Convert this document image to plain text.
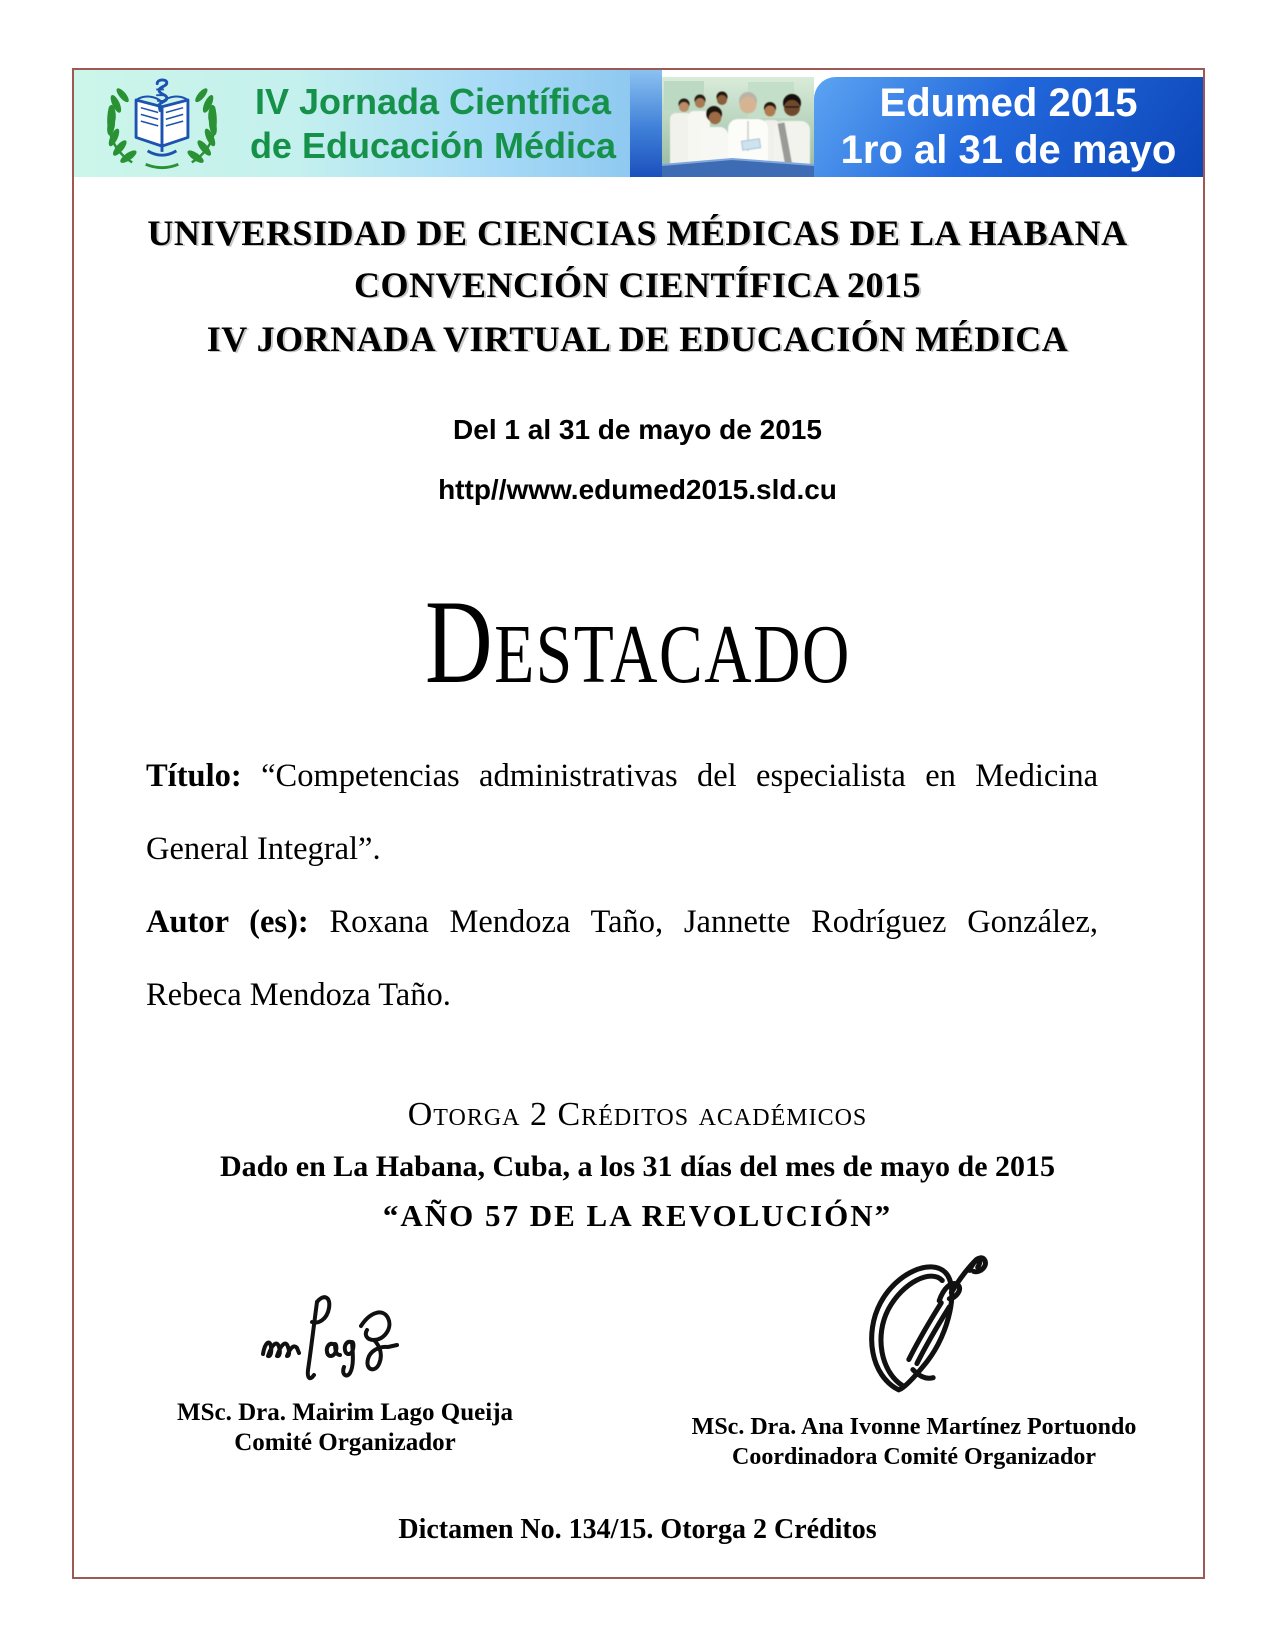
IV Jornada Científica
de Educación Médica
Edumed 2015
1ro al 31 de mayo
UNIVERSIDAD DE CIENCIAS MÉDICAS DE LA HABANA
CONVENCIÓN CIENTÍFICA 2015
IV JORNADA VIRTUAL DE EDUCACIÓN MÉDICA
Del 1 al 31 de mayo de 2015
http//www.edumed2015.sld.cu
Destacado

Título: “Competencias administrativas del especialista en Medicina General Integral”.

Autor (es): Roxana Mendoza Taño, Jannette Rodríguez González, Rebeca Mendoza Taño.

Otorga 2 Créditos académicos
Dado en La Habana, Cuba, a los 31 días del mes de mayo de 2015
“AÑO 57 DE LA REVOLUCIÓN”
MSc. Dra. Mairim Lago Queija
Comité Organizador
MSc. Dra. Ana Ivonne Martínez Portuondo
Coordinadora Comité Organizador
Dictamen No. 134/15. Otorga 2 Créditos
